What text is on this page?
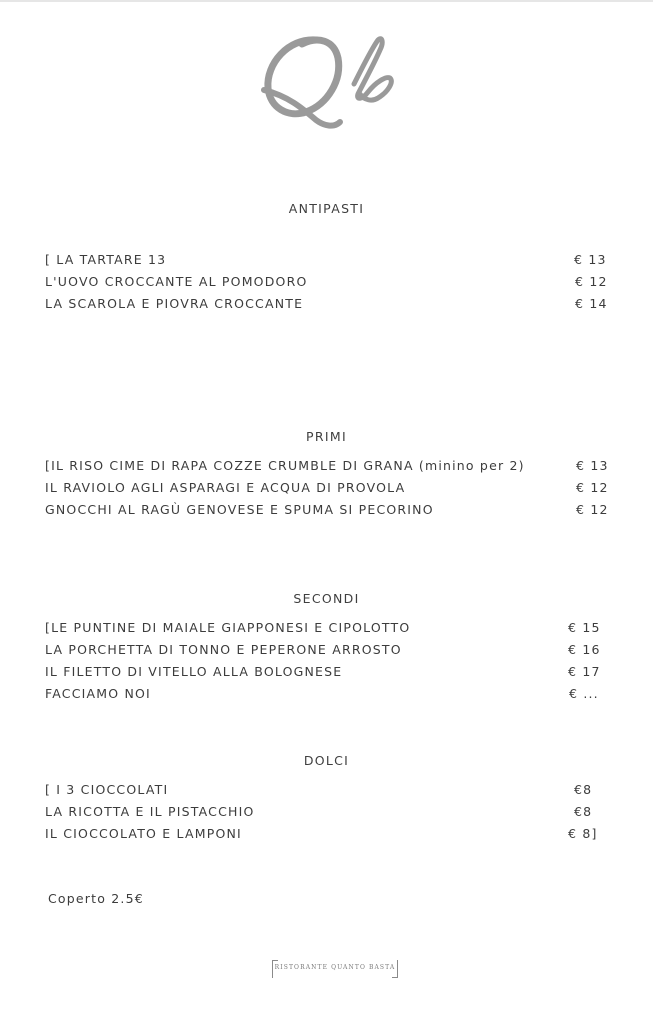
ANTIPASTI
[ LA TARTARE 13	€ 13
L'UOVO CROCCANTE AL POMODORO	€ 12
LA SCAROLA E PIOVRA CROCCANTE	€ 14
PRIMI
[IL RISO CIME DI RAPA COZZE CRUMBLE DI GRANA (minino per 2)	€ 13
IL RAVIOLO AGLI ASPARAGI E ACQUA DI PROVOLA	€ 12
GNOCCHI AL RAGÙ GENOVESE E SPUMA SI PECORINO	€ 12
SECONDI
[LE PUNTINE DI MAIALE GIAPPONESI E CIPOLOTTO	€ 15
LA PORCHETTA DI TONNO E PEPERONE ARROSTO	€ 16
IL FILETTO DI VITELLO ALLA BOLOGNESE	€ 17
FACCIAMO NOI	€ ...
DOLCI
[ I 3 CIOCCOLATI	€8
LA RICOTTA E IL PISTACCHIO	€8
IL CIOCCOLATO E LAMPONI	€ 8]
Coperto 2.5€
RISTORANTE QUANTO BASTA
